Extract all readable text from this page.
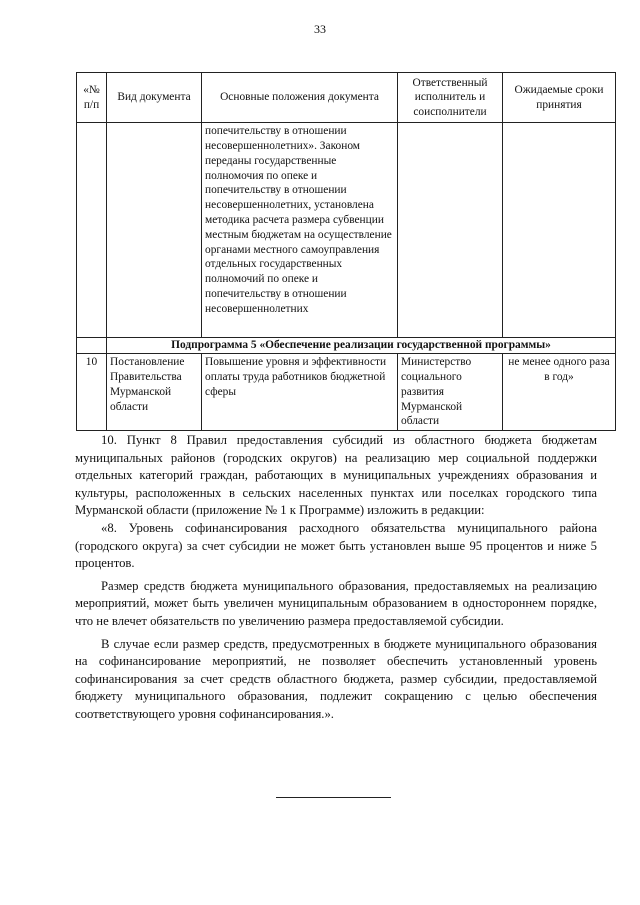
33
«№ п/п	Вид документа	Основные положения документа	Ответственный исполнитель и соисполнители	Ожидаемые сроки принятия
		попечительству в отношении несовершеннолетних». Законом переданы государственные полномочия по опеке и попечительству в отношении несовершеннолетних, установлена методика расчета размера субвенции местным бюджетам на осуществление органами местного самоуправления отдельных государственных полномочий по опеке и попечительству в отношении несовершеннолетних		
	Подпрограмма 5 «Обеспечение реализации государственной программы»			
10	Постановление Правительства Мурманской области	Повышение уровня и эффективности оплаты труда работников бюджетной сферы	Министерство социального развития Мурманской области	не менее одного раза в год»

10. Пункт 8 Правил предоставления субсидий из областного бюджета бюджетам муниципальных районов (городских округов) на реализацию мер социальной поддержки отдельных категорий граждан, работающих в муниципальных учреждениях образования и культуры, расположенных в сельских населенных пунктах или поселках городского типа Мурманской области (приложение № 1 к Программе) изложить в редакции:

«8. Уровень софинансирования расходного обязательства муниципального района (городского округа) за счет субсидии не может быть установлен выше 95 процентов и ниже 5 процентов.

Размер средств бюджета муниципального образования, предоставляемых на реализацию мероприятий, может быть увеличен муниципальным образованием в одностороннем порядке, что не влечет обязательств по увеличению размера предоставляемой субсидии.

В случае если размер средств, предусмотренных в бюджете муниципального образования на софинансирование мероприятий, не позволяет обеспечить установленный уровень софинансирования за счет средств областного бюджета, размер субсидии, предоставляемой бюджету муниципального образования, подлежит сокращению с целью обеспечения соответствующего уровня софинансирования.».
